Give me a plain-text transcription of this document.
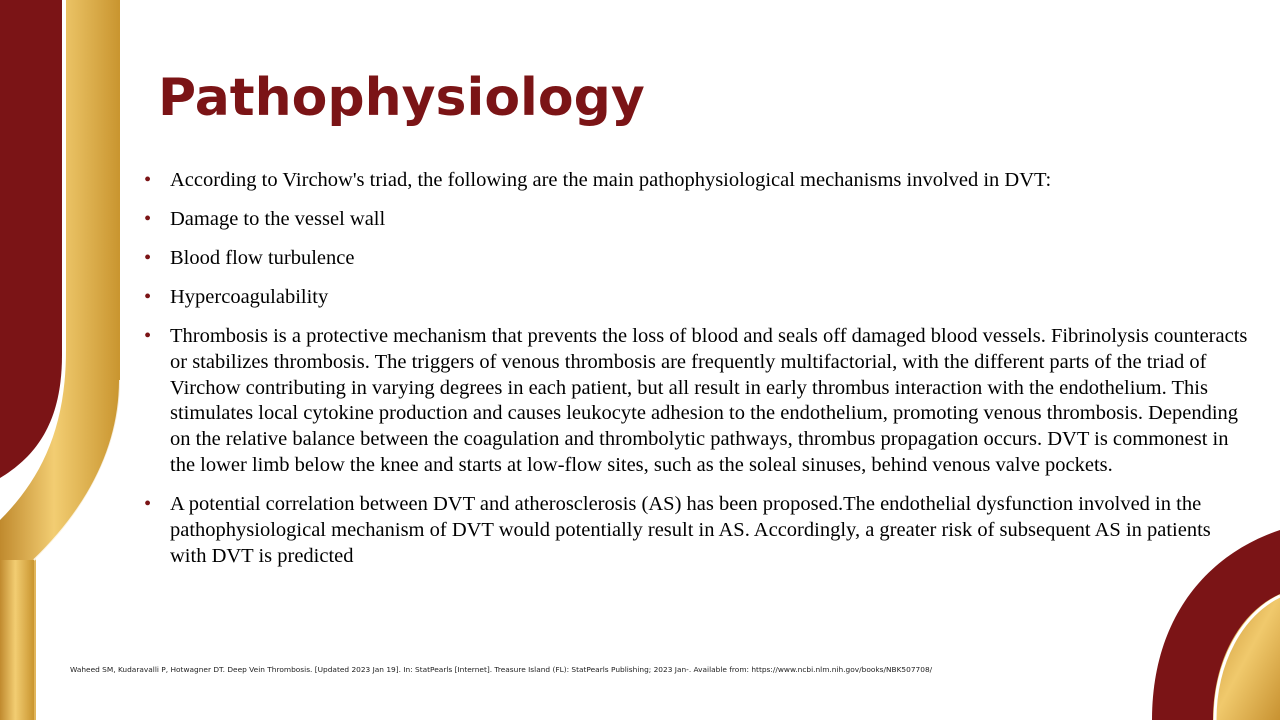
Pathophysiology
• According to Virchow's triad, the following are the main pathophysiological mechanisms involved in DVT:
• Damage to the vessel wall
• Blood flow turbulence
• Hypercoagulability
• Thrombosis is a protective mechanism that prevents the loss of blood and seals off damaged blood vessels. Fibrinolysis counteracts or stabilizes thrombosis. The triggers of venous thrombosis are frequently multifactorial, with the different parts of the triad of Virchow contributing in varying degrees in each patient, but all result in early thrombus interaction with the endothelium. This stimulates local cytokine production and causes leukocyte adhesion to the endothelium, promoting venous thrombosis. Depending on the relative balance between the coagulation and thrombolytic pathways, thrombus propagation occurs. DVT is commonest in the lower limb below the knee and starts at low-flow sites, such as the soleal sinuses, behind venous valve pockets.
• A potential correlation between DVT and atherosclerosis (AS) has been proposed.The endothelial dysfunction involved in the pathophysiological mechanism of DVT would potentially result in AS. Accordingly, a greater risk of subsequent AS in patients with DVT is predicted

Waheed SM, Kudaravalli P, Hotwagner DT. Deep Vein Thrombosis. [Updated 2023 Jan 19]. In: StatPearls [Internet]. Treasure Island (FL): StatPearls Publishing; 2023 Jan-. Available from: https://www.ncbi.nlm.nih.gov/books/NBK507708/
